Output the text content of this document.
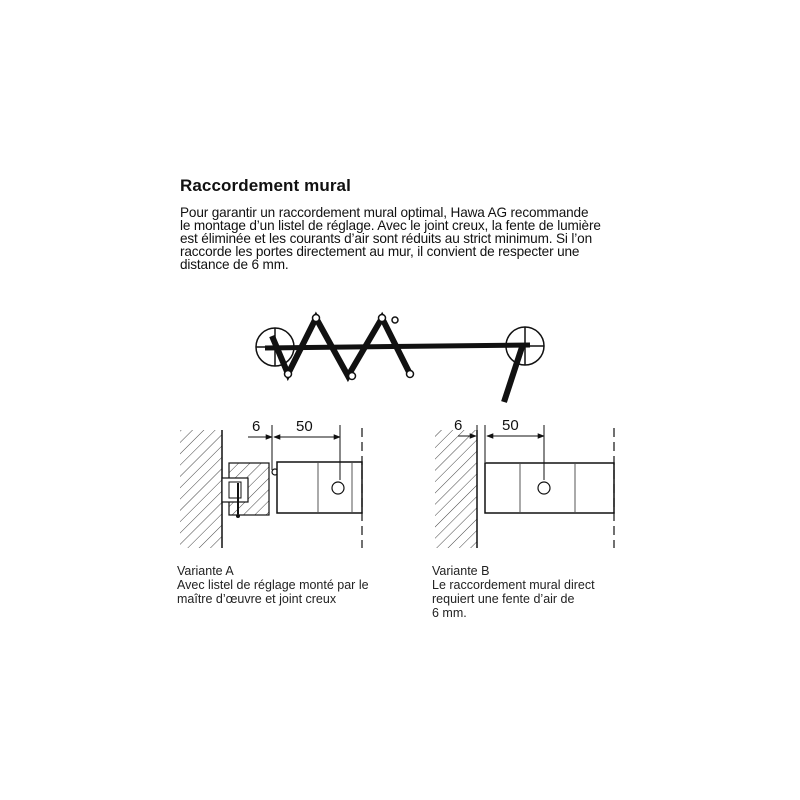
Raccordement mural
Pour garantir un raccordement mural optimal, Hawa AG recommande
le montage d’un listel de réglage. Avec le joint creux, la fente de lumière
est éliminée et les courants d’air sont réduits au strict minimum. Si l’on
raccorde les portes directement au mur, il convient de respecter une
distance de 6 mm.
6 50	6	50
Variante A
Avec listel de réglage monté par le
maître d’œuvre et joint creux
Variante B
Le raccordement mural direct
requiert une fente d’air de
6 mm.
